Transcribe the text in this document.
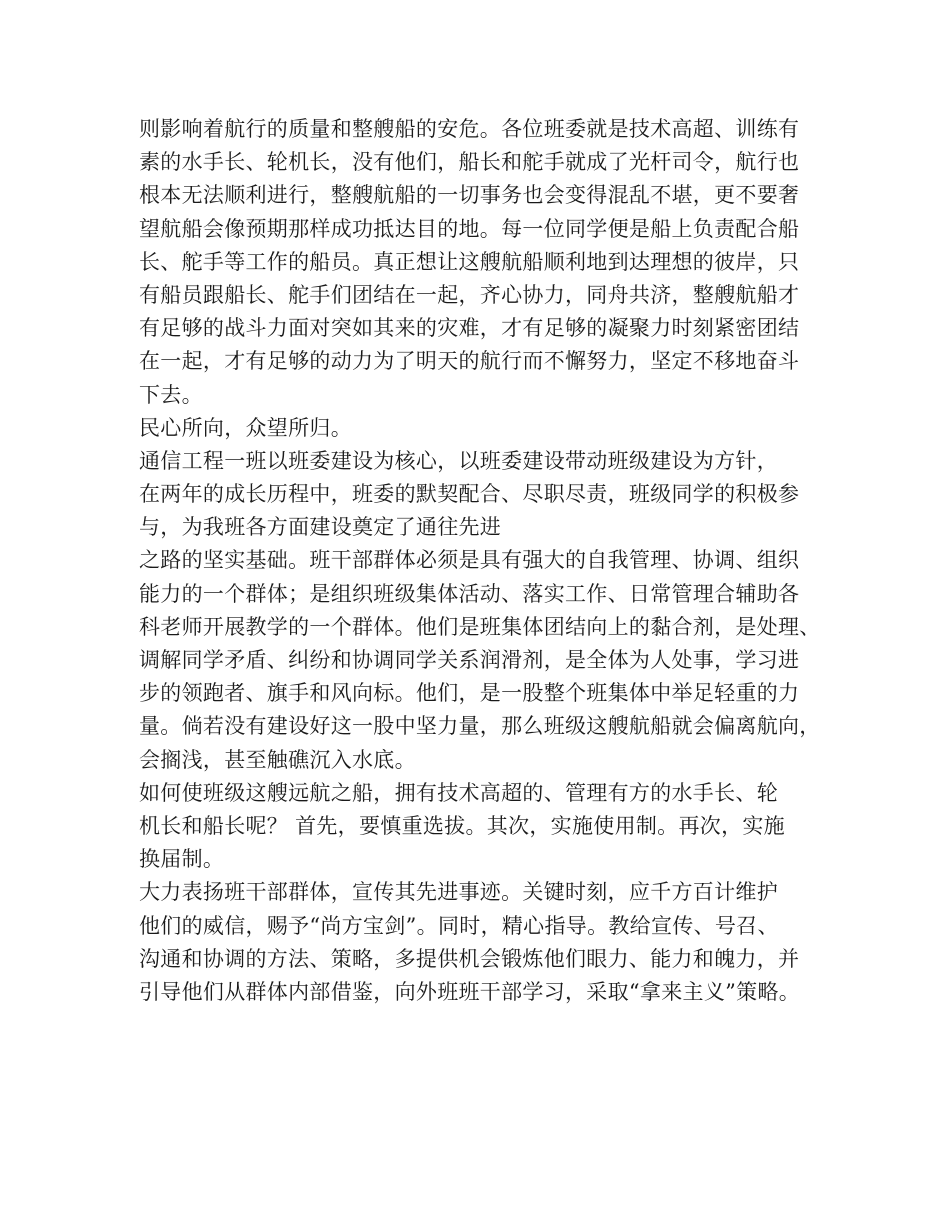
则影响着航行的质量和整艘船的安危。各位班委就是技术高超、训练有
素的水手长、轮机长，没有他们，船长和舵手就成了光杆司令，航行也
根本无法顺利进行，整艘航船的一切事务也会变得混乱不堪，更不要奢
望航船会像预期那样成功抵达目的地。每一位同学便是船上负责配合船
长、舵手等工作的船员。真正想让这艘航船顺利地到达理想的彼岸，只
有船员跟船长、舵手们团结在一起，齐心协力，同舟共济，整艘航船才
有足够的战斗力面对突如其来的灾难，才有足够的凝聚力时刻紧密团结
在一起，才有足够的动力为了明天的航行而不懈努力，坚定不移地奋斗
下去。
民心所向，众望所归。
通信工程一班以班委建设为核心，以班委建设带动班级建设为方针，
在两年的成长历程中，班委的默契配合、尽职尽责，班级同学的积极参
与，为我班各方面建设奠定了通往先进
之路的坚实基础。班干部群体必须是具有强大的自我管理、协调、组织
能力的一个群体；是组织班级集体活动、落实工作、日常管理合辅助各
科老师开展教学的一个群体。他们是班集体团结向上的黏合剂，是处理、
调解同学矛盾、纠纷和协调同学关系润滑剂，是全体为人处事，学习进
步的领跑者、旗手和风向标。他们，是一股整个班集体中举足轻重的力
量。倘若没有建设好这一股中坚力量，那么班级这艘航船就会偏离航向，
会搁浅，甚至触礁沉入水底。
如何使班级这艘远航之船，拥有技术高超的、管理有方的水手长、轮
机长和船长呢？ 首先，要慎重选拔。其次，实施使用制。再次，实施
换届制。
大力表扬班干部群体，宣传其先进事迹。关键时刻，应千方百计维护
他们的威信，赐予“尚方宝剑”。同时，精心指导。教给宣传、号召、
沟通和协调的方法、策略，多提供机会锻炼他们眼力、能力和魄力，并
引导他们从群体内部借鉴，向外班班干部学习，采取“拿来主义”策略。
